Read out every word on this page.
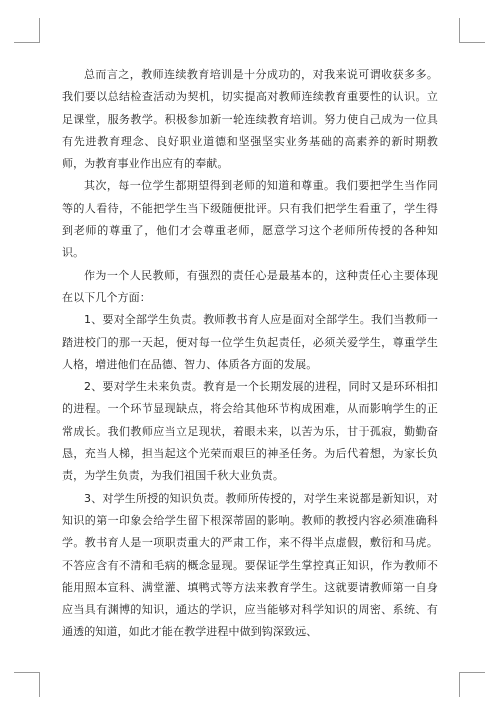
总而言之，教师连续教育培训是十分成功的，对我来说可谓收获多多。我们要以总结检查活动为契机，切实提高对教师连续教育重要性的认识。立足课堂，服务教学。积极参加新一轮连续教育培训。努力使自己成为一位具有先进教育理念、良好职业道德和坚强坚实业务基础的高素养的新时期教师，为教育事业作出应有的奉献。

其次，每一位学生都期望得到老师的知道和尊重。我们要把学生当作同等的人看待，不能把学生当下级随便批评。只有我们把学生看重了，学生得到老师的尊重了，他们才会尊重老师，愿意学习这个老师所传授的各种知识。

作为一个人民教师，有强烈的责任心是最基本的，这种责任心主要体现在以下几个方面：

1、要对全部学生负责。教师教书育人应是面对全部学生。我们当教师一踏进校门的那一天起，便对每一位学生负起责任，必须关爱学生，尊重学生人格，增进他们在品德、智力、体质各方面的发展。

2、要对学生未来负责。教育是一个长期发展的进程，同时又是环环相扣的进程。一个环节显现缺点，将会给其他环节构成困难，从而影响学生的正常成长。我们教师应当立足现状，着眼未来，以苦为乐，甘于孤寂，勤勤奋恳，充当人梯，担当起这个光荣而艰巨的神圣任务。为后代着想，为家长负责，为学生负责，为我们祖国千秋大业负责。

3、对学生所授的知识负责。教师所传授的，对学生来说都是新知识，对知识的第一印象会给学生留下根深蒂固的影响。教师的教授内容必须准确科学。教书育人是一项职责重大的严肃工作，来不得半点虚假，敷衍和马虎。不答应含有不清和毛病的概念显现。要保证学生掌控真正知识，作为教师不能用照本宣科、满堂灌、填鸭式等方法来教育学生。这就要请教师第一自身应当具有渊博的知识，通达的学识，应当能够对科学知识的周密、系统、有通透的知道，如此才能在教学进程中做到钩深致远、
